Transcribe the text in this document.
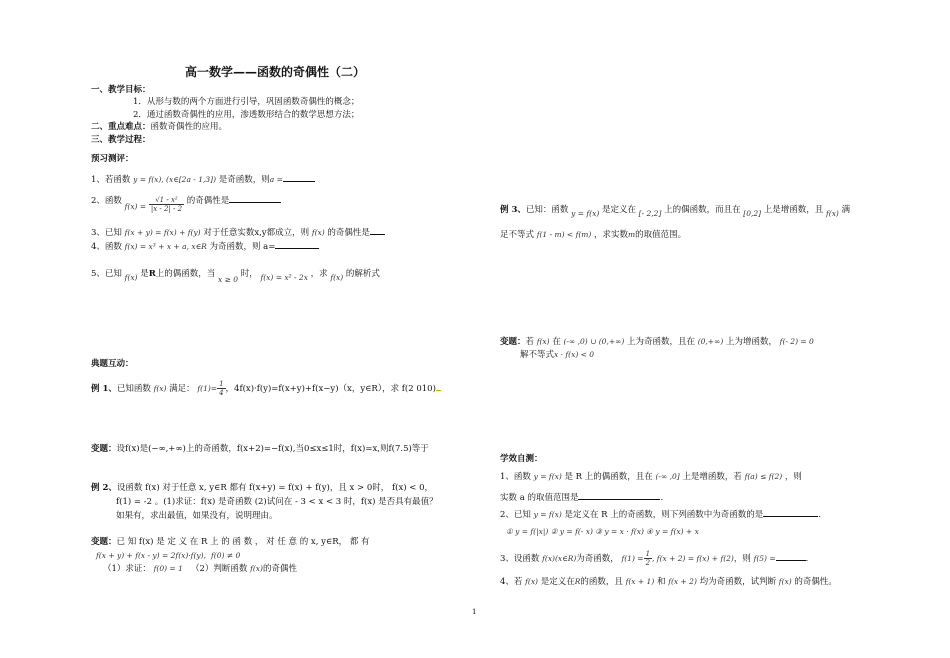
高一数学——函数的奇偶性（二）
一、教学目标：
1．从形与数的两个方面进行引导，巩固函数奇偶性的概念；
2．通过函数奇偶性的应用，渗透数形结合的数学思想方法；
二、重点难点：函数奇偶性的应用。
三、教学过程：
预习测评：
1、若函数 y = f(x), (x∈[2a - 1,3]) 是奇函数，则a =
2、函数 $f(x) = \frac{\text{√1 - x²}}{|x - 2| - 2}$ 的奇偶性是
3、已知 f(x + y) = f(x) + f(y) 对于任意实数x,y都成立，则 f(x) 的奇偶性是
4、函数 f(x) = x³ + x + a, x∈R 为奇函数，则 a=
5、已知 f(x) 是R上的偶函数，当 x ≥ 0 时， f(x) = x² - 2x ，求 f(x) 的解析式
典题互动：
例 1、已知函数 f(x) 满足： $f(1)= \frac{1}{4}$ ，4f(x)·f(y)=f(x+y)+f(x−y)（x，y∈R），求 f(2 010)
变题：设f(x)是(−∞,+∞)上的奇函数，f(x+2)=−f(x),当0≤x≤1时，f(x)=x,则f(7.5)等于
例 2、设函数 f(x) 对于任意 x, y∈R 都有 f(x+y) = f(x) + f(y)，且 x > 0时， f(x) < 0，
f(1) = -2 。(1)求证：f(x) 是奇函数 (2)试问在 - 3 < x < 3 时，f(x) 是否具有最值？
如果有，求出最值，如果没有，说明理由。
变题：已 知 f(x) 是 定 义 在 R 上 的 函 数 ， 对 任 意 的 x, y∈R， 都 有
f(x + y) + f(x - y) = 2f(x)·f(y)，f(0) ≠ 0
（1）求证： f(0) = 1 （2）判断函数 f(x)的奇偶性
例 3、已知：函数 y = f(x) 是定义在 [- 2,2] 上的偶函数，而且在 [0,2] 上是增函数，且 f(x) 满
足不等式 f(1 - m) < f(m) ，求实数m的取值范围。
变题：若 f(x) 在 (-∞ ,0) ∪ (0,+∞) 上为奇函数，且在 (0,+∞) 上为增函数， f(- 2) = 0
解不等式x · f(x) < 0
学效自测：
1、函数 y = f(x) 是 R 上的偶函数，且在 (-∞ ,0] 上是增函数，若 f(a) ≤ f(2) ，则
实数 a 的取值范围是	.
2、已知 y = f(x) 是定义在 R 上的奇函数，则下列函数中为奇函数的是	.
① y = f(|x|) ② y = f(- x) ③ y = x · f(x) ④ y = f(x) + x
3、设函数 f(x)(x∈R)为奇函数， $f(1) = \frac{1}{2}$ , f(x + 2) = f(x) + f(2)，则 f(5) =	.
4、若 f(x) 是定义在R的函数，且 f(x + 1) 和 f(x + 2) 均为奇函数，试判断 f(x) 的奇偶性。
1
